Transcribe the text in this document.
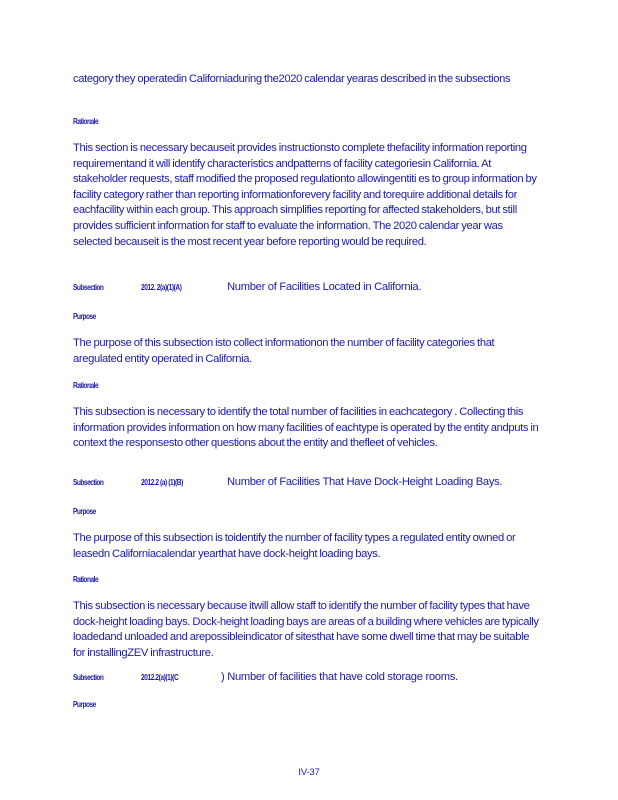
category they operatedin Californiaduring the2020 calendar yearas described in the subsections
Rationale
This section is necessary becauseit provides instructionsto complete thefacility information reporting requirementand it will identify characteristics andpatterns of facility categoriesin California. At stakeholder requests, staff modified the proposed regulationto allowingentiti es to group information by facility category rather than reporting informationforevery facility and torequire additional details for eachfacility within each group. This approach simplifies reporting for affected stakeholders, but still provides sufficient information for staff to evaluate the information. The 2020 calendar year was selected becauseit is the most recent year before reporting would be required.
Subsection	2012. 2(a)(1)(A)	Number of Facilities Located in California.
Purpose
The purpose of this subsection isto collect informationon the number of facility categories that aregulated entity operated in California.
Rationale
This subsection is necessary to identify the total number of facilities in eachcategory . Collecting this information provides information on how many facilities of eachtype is operated by the entity andputs in context the responsesto other questions about the entity and thefleet of vehicles.
Subsection	2012.2 (a) (1)(B)	Number of Facilities That Have Dock-Height Loading Bays.
Purpose
The purpose of this subsection is toidentify the number of facility types a regulated entity owned or leasedn Californiacalendar yearthat have dock-height loading bays.
Rationale
This subsection is necessary because itwill allow staff to identify the number of facility types that have dock-height loading bays. Dock-height loading bays are areas of a building where vehicles are typically loadedand unloaded and arepossibleindicator of sitesthat have some dwell time that may be suitable for installingZEV infrastructure.
Subsection	2012.2(a)(1)(C	) Number of facilities that have cold storage rooms.
Purpose
IV-37
